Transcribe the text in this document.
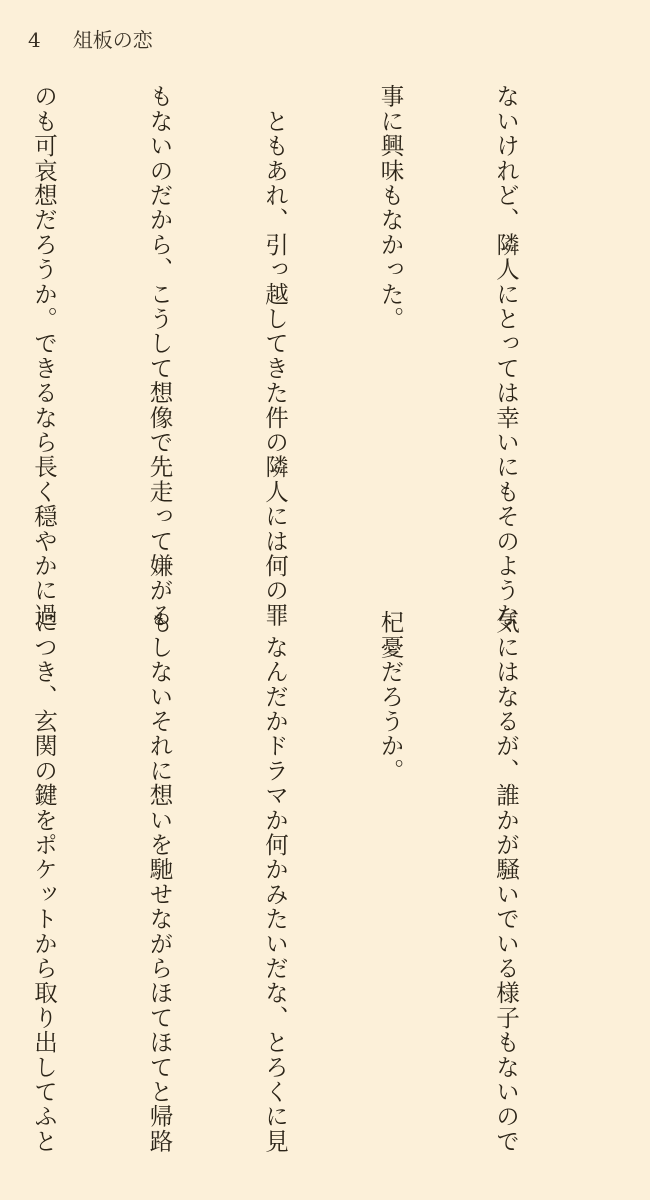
4 俎板の恋

ないけれど、隣人にとっては幸いにもそのような

事に興味もなかった。

　ともあれ、引っ越してきた件の隣人には何の罪

もないのだから、こうして想像で先走って嫌がる

のも可哀想だろうか。できるなら長く穏やかに過

気にはなるが、誰かが騒いでいる様子もないので

杞憂だろうか。

　なんだかドラマか何かみたいだな、とろくに見

もしないそれに想いを馳せながらほてほてと帰路

につき、玄関の鍵をポケットから取り出してふと
